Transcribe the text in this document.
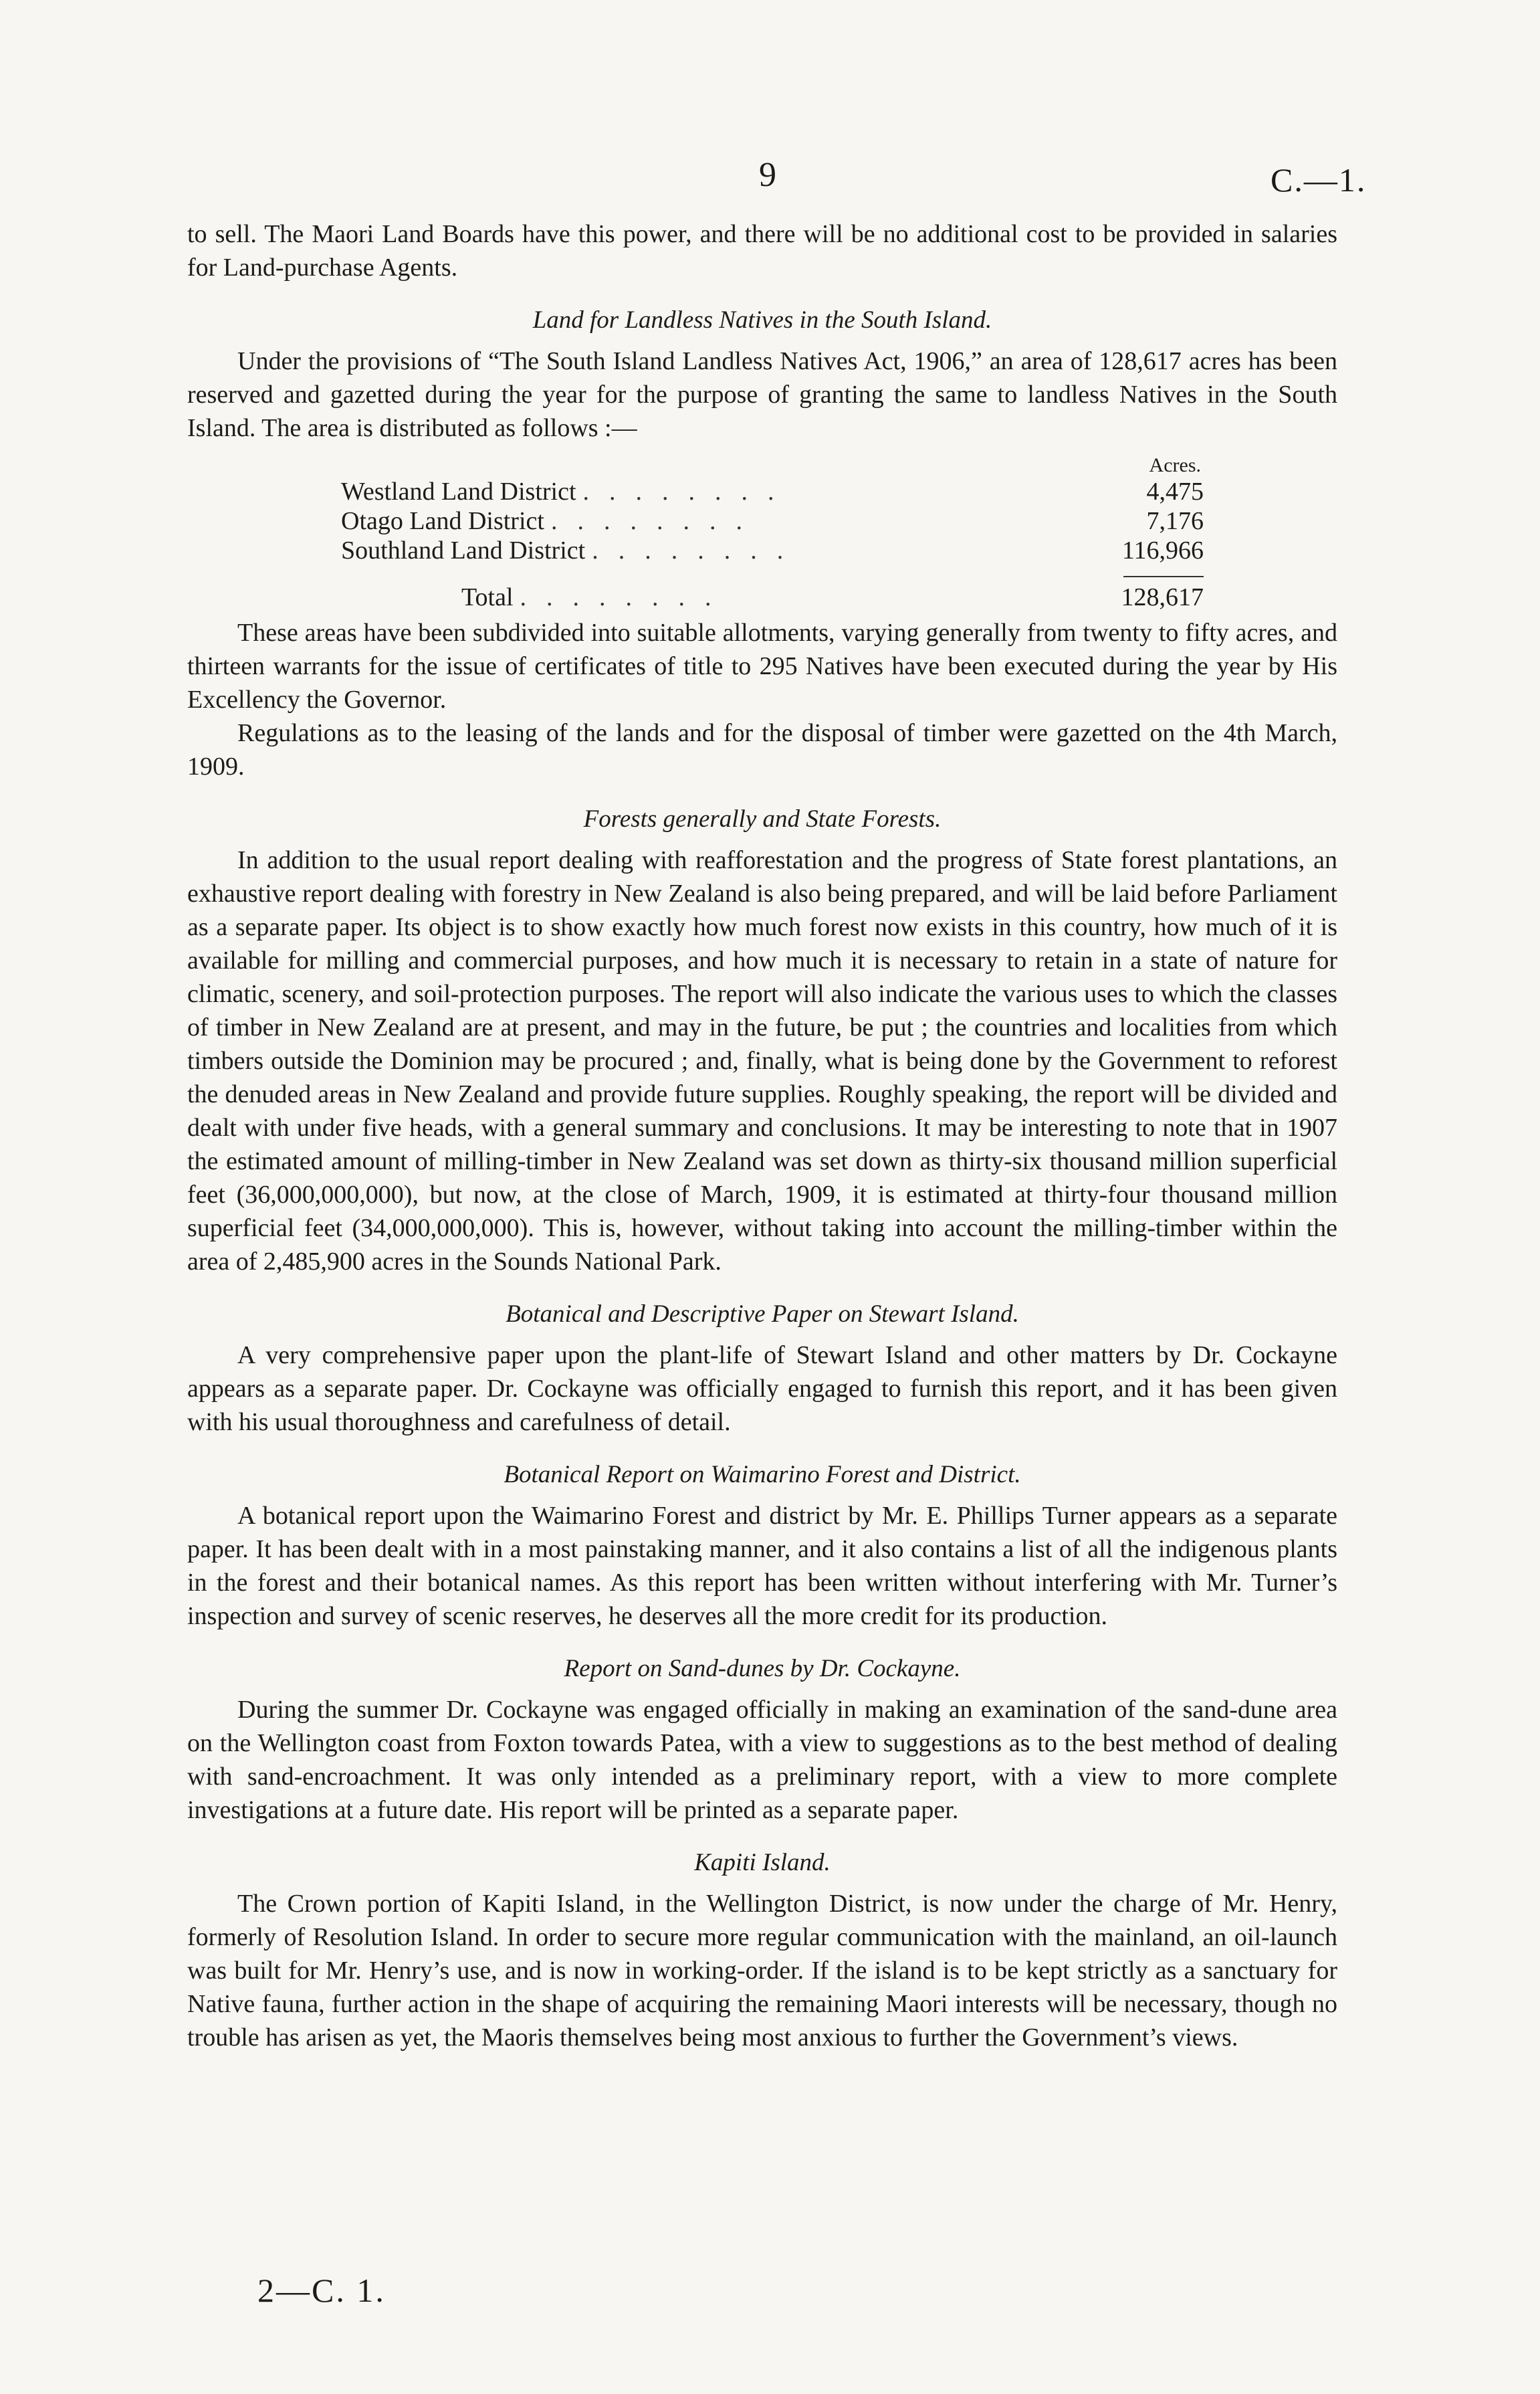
9	C.—1.

to sell. The Maori Land Boards have this power, and there will be no additional cost to be provided in salaries for Land-purchase Agents.

Land for Landless Natives in the South Island.

Under the provisions of “The South Island Landless Natives Act, 1906,” an area of 128,617 acres has been reserved and gazetted during the year for the purpose of granting the same to landless Natives in the South Island. The area is distributed as follows :—

Acres.
Westland Land District ........	4,475
Otago Land District ........	7,176
Southland Land District ........	116,966
Total ........	128,617

These areas have been subdivided into suitable allotments, varying generally from twenty to fifty acres, and thirteen warrants for the issue of certificates of title to 295 Natives have been executed during the year by His Excellency the Governor.

Regulations as to the leasing of the lands and for the disposal of timber were gazetted on the 4th March, 1909.

Forests generally and State Forests.

In addition to the usual report dealing with reafforestation and the progress of State forest plantations, an exhaustive report dealing with forestry in New Zealand is also being prepared, and will be laid before Parliament as a separate paper. Its object is to show exactly how much forest now exists in this country, how much of it is available for milling and commercial purposes, and how much it is necessary to retain in a state of nature for climatic, scenery, and soil-protection purposes. The report will also indicate the various uses to which the classes of timber in New Zealand are at present, and may in the future, be put ; the countries and localities from which timbers outside the Dominion may be procured ; and, finally, what is being done by the Government to reforest the denuded areas in New Zealand and provide future supplies. Roughly speaking, the report will be divided and dealt with under five heads, with a general summary and conclusions. It may be interesting to note that in 1907 the estimated amount of milling-timber in New Zealand was set down as thirty-six thousand million superficial feet (36,000,000,000), but now, at the close of March, 1909, it is estimated at thirty-four thousand million superficial feet (34,000,000,000). This is, however, without taking into account the milling-timber within the area of 2,485,900 acres in the Sounds National Park.

Botanical and Descriptive Paper on Stewart Island.

A very comprehensive paper upon the plant-life of Stewart Island and other matters by Dr. Cockayne appears as a separate paper. Dr. Cockayne was officially engaged to furnish this report, and it has been given with his usual thoroughness and carefulness of detail.

Botanical Report on Waimarino Forest and District.

A botanical report upon the Waimarino Forest and district by Mr. E. Phillips Turner appears as a separate paper. It has been dealt with in a most painstaking manner, and it also contains a list of all the indigenous plants in the forest and their botanical names. As this report has been written without interfering with Mr. Turner’s inspection and survey of scenic reserves, he deserves all the more credit for its production.

Report on Sand-dunes by Dr. Cockayne.

During the summer Dr. Cockayne was engaged officially in making an examination of the sand-dune area on the Wellington coast from Foxton towards Patea, with a view to suggestions as to the best method of dealing with sand-encroachment. It was only intended as a preliminary report, with a view to more complete investigations at a future date. His report will be printed as a separate paper.

Kapiti Island.

The Crown portion of Kapiti Island, in the Wellington District, is now under the charge of Mr. Henry, formerly of Resolution Island. In order to secure more regular communication with the mainland, an oil-launch was built for Mr. Henry’s use, and is now in working-order. If the island is to be kept strictly as a sanctuary for Native fauna, further action in the shape of acquiring the remaining Maori interests will be necessary, though no trouble has arisen as yet, the Maoris themselves being most anxious to further the Government’s views.

2—C. 1.
